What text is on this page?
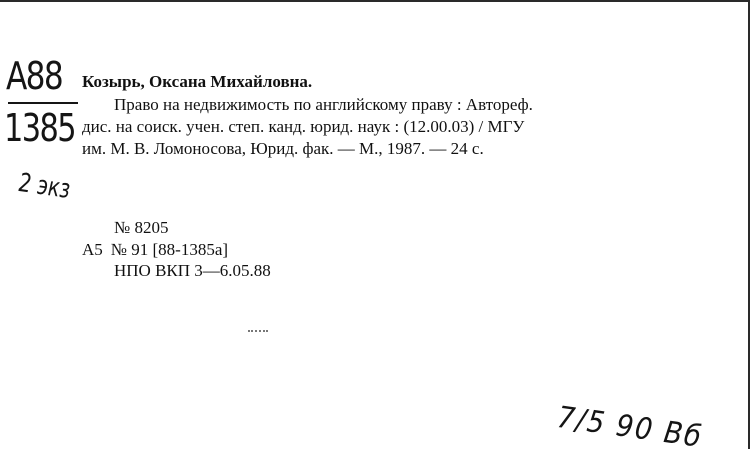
A88
1385
2 экз
Козырь, Оксана Михайловна.
Право на недвижимость по английскому праву : Автореф.
дис. на соиск. учен. степ. канд. юрид. наук : (12.00.03) / МГУ
им. М. В. Ломоносова, Юрид. фак. — М., 1987. — 24 с.
№ 8205
А5 № 91 [88-1385а]
НПО ВКП 3—6.05.88
7/5 90 Вб
